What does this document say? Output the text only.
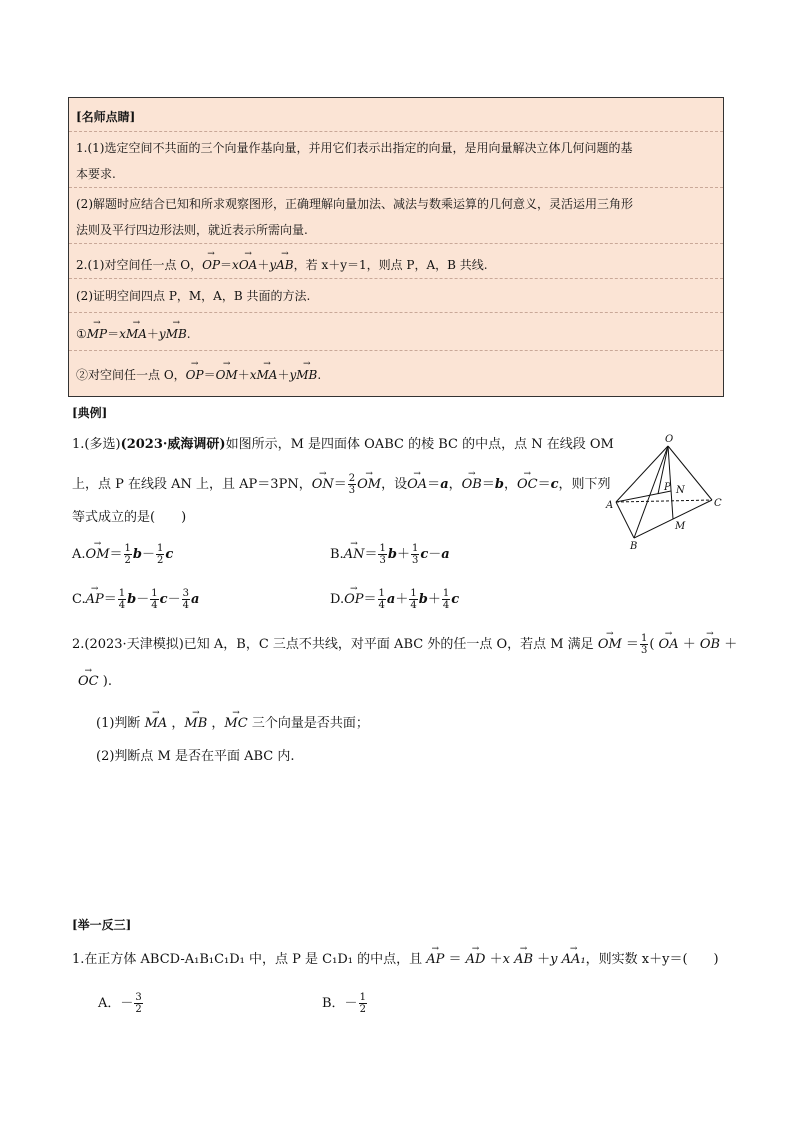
[名师点睛]
1.(1)选定空间不共面的三个向量作基向量，并用它们表示出指定的向量，是用向量解决立体几何问题的基
本要求.
(2)解题时应结合已知和所求观察图形，正确理解向量加法、减法与数乘运算的几何意义，灵活运用三角形
法则及平行四边形法则，就近表示所需向量.
2.(1)对空间任一点 O，→ OP＝x→ OA＋y→ AB，若 x＋y＝1，则点 P，A，B 共线.
(2)证明空间四点 P，M，A，B 共面的方法.
①→ MP＝x→ MA＋y→ MB.
②对空间任一点 O，→ OP＝→ OM＋x→ MA＋y→ MB.
[典例]
1.(多选)(2023·威海调研)如图所示，M 是四面体 OABC 的棱 BC 的中点，点 N 在线段 OM
上，点 P 在线段 AN 上，且 AP＝3PN，→ $ON= \frac{2}{3}$ → OM，设→ OA＝a，→ OB＝b，→ OC＝c，则下列
等式成立的是(　　)
$A.\to OM= \frac{1}{2} b- \frac{1}{2}$ c	$B.\to AN= \frac{1}{3} b+ \frac{1}{3} c-a$
$C.\to AP= \frac{1}{4} b- \frac{1}{4} c- \frac{3}{4}$ a	$D.\to OP= \frac{1}{4} a+ \frac{1}{4} b+ \frac{1}{4}$ c
O
A
B
C
P N
M
2.(2023·天津模拟)已知 A，B，C 三点不共线，对平面 ABC 外的任一点 O，若点 M 满足 → OM ＝ $\frac{1}{3}$ ( → OA ＋ → OB ＋
→ OC ).
(1)判断 → MA ，→ MB ，→ MC 三个向量是否共面；
(2)判断点 M 是否在平面 ABC 内.
[举一反三]
1.在正方体 ABCD-A₁B₁C₁D₁ 中，点 P 是 C₁D₁ 的中点，且 → AP ＝ → AD ＋x → AB ＋y → AA₁，则实数 x＋y＝(　　)
A．－ $\frac{3}{2}$	B．－ $\frac{1}{2}$
